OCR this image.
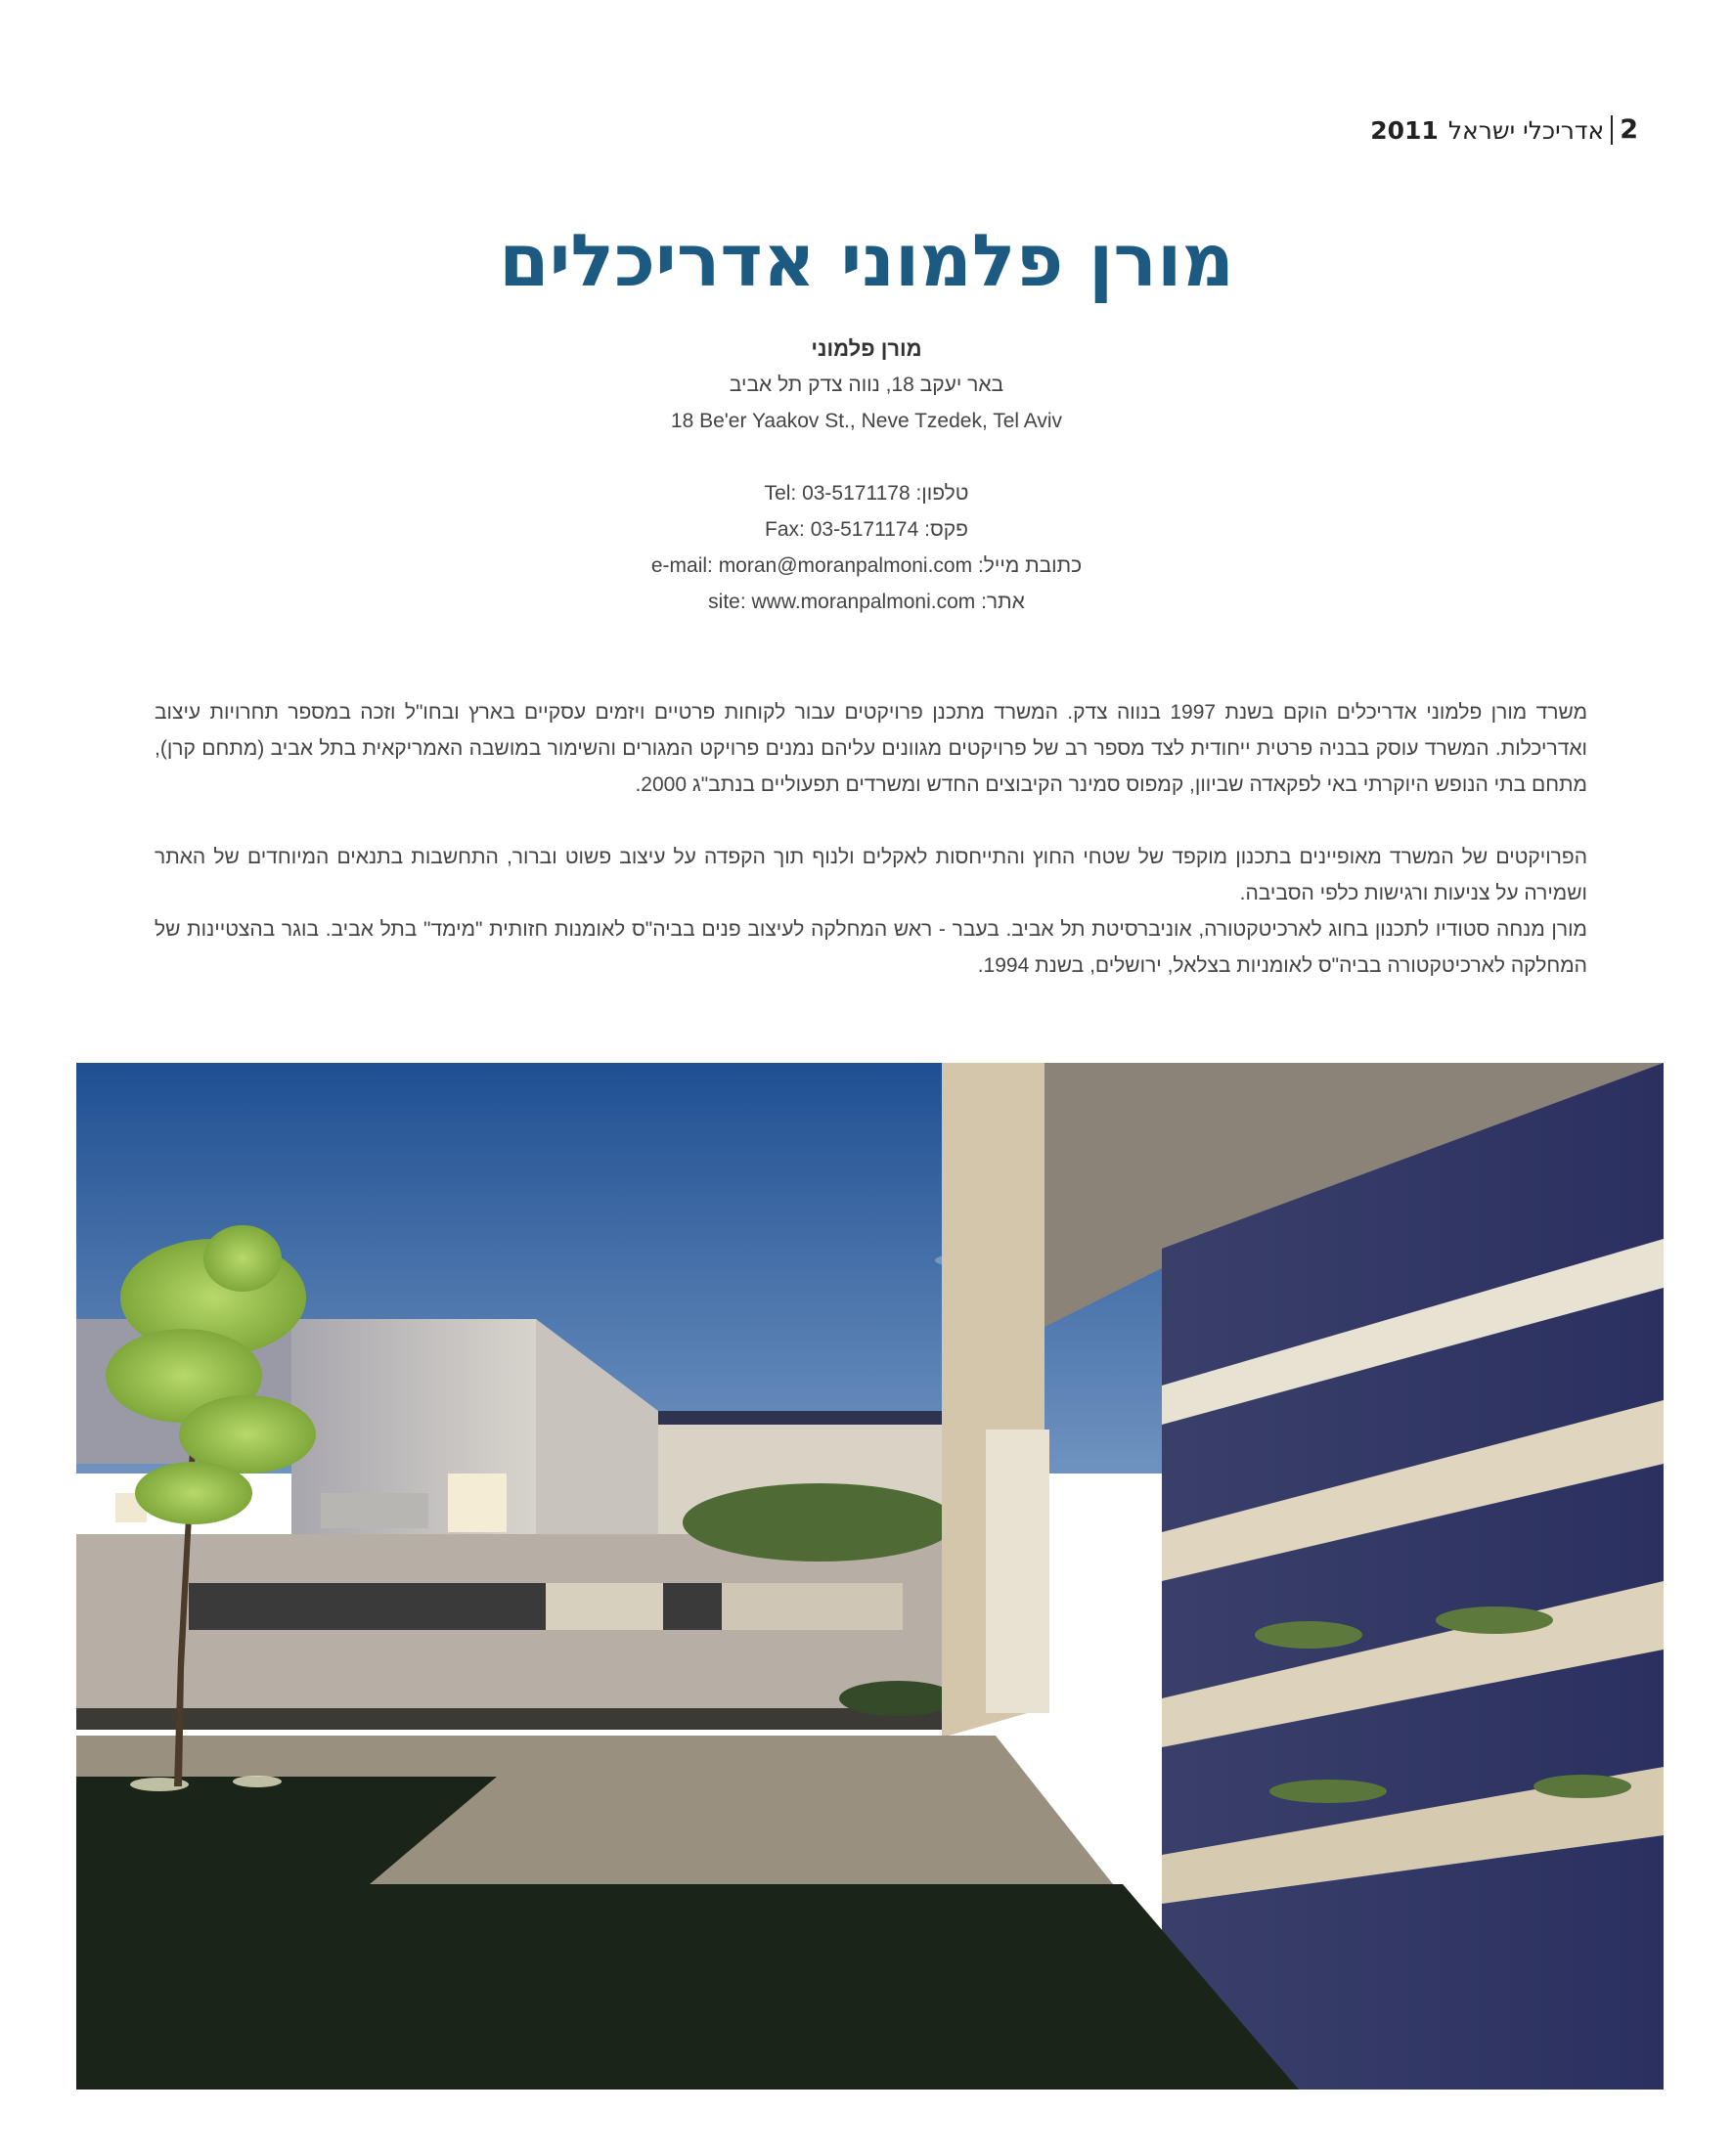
2
אדריכלי ישראל
2011
מורן פלמוני אדריכלים
מורן פלמוני
באר יעקב 18, נווה צדק תל אביב
18 Be'er Yaakov St., Neve Tzedek, Tel Aviv
Tel: 03-5171178 טלפון:
Fax: 03-5171174 פקס:
e-mail: moran@moranpalmoni.com כתובת מייל:
site: www.moranpalmoni.com אתר:

משרד מורן פלמוני אדריכלים הוקם בשנת 1997 בנווה צדק. המשרד מתכנן פרויקטים עבור לקוחות פרטיים ויזמים עסקיים בארץ ובחו"ל וזכה במספר תחרויות עיצוב ואדריכלות. המשרד עוסק בבניה פרטית ייחודית לצד מספר רב של פרויקטים מגוונים עליהם נמנים פרויקט המגורים והשימור במושבה האמריקאית בתל אביב (מתחם קרן), מתחם בתי הנופש היוקרתי באי לפקאדה שביוון, קמפוס סמינר הקיבוצים החדש ומשרדים תפעוליים בנתב"ג 2000.

הפרויקטים של המשרד מאופיינים בתכנון מוקפד של שטחי החוץ והתייחסות לאקלים ולנוף תוך הקפדה על עיצוב פשוט וברור, התחשבות בתנאים המיוחדים של האתר ושמירה על צניעות ורגישות כלפי הסביבה.

מורן מנחה סטודיו לתכנון בחוג לארכיטקטורה, אוניברסיטת תל אביב. בעבר - ראש המחלקה לעיצוב פנים בביה"ס לאומנות חזותית "מימד" בתל אביב. בוגר בהצטיינות של המחלקה לארכיטקטורה בביה"ס לאומניות בצלאל, ירושלים, בשנת 1994.
